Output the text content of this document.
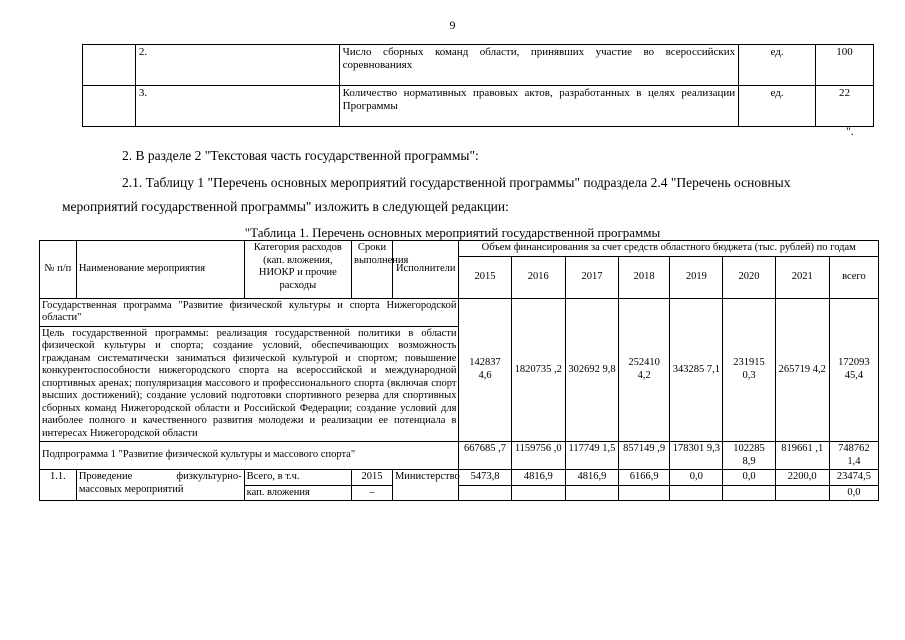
9
	2.	Число сборных команд области, принявших участие во всероссийских соревнованиях	ед.	100
	3.	Количество нормативных правовых актов, разработанных в целях реализации Программы	ед.	22
".
2. В разделе 2 "Текстовая часть государственной программы":
2.1. Таблицу 1 "Перечень основных мероприятий государственной программы" подраздела 2.4 "Перечень основных
мероприятий государственной программы" изложить в следующей редакции:
"Таблица 1. Перечень основных мероприятий государственной программы
№ п/п	Наименование мероприятия	Категория расходов (кап. вложения, НИОКР и прочие расходы	Сроки выполнения	Исполнители	Объем финансирования за счет средств областного бюджета (тыс. рублей) по годам							
					2015	2016	2017	2018	2019	2020	2021	всего
Государственная программа "Развитие физической культуры и спорта Нижегородской области"					142837 4,6	1820735 ,2	302692 9,8	252410 4,2	343285 7,1	231915 0,3	265719 4,2	172093 45,4
Цель государственной программы: реализация государственной политики в области физической культуры и спорта; создание условий, обеспечивающих возможность гражданам систематически заниматься физической культурой и спортом; повышение конкурентоспособности нижегородского спорта на всероссийской и международной спортивных аренах; популяризация массового и профессионального спорта (включая спорт высших достижений); создание условий подготовки спортивного резерва для спортивных сборных команд Нижегородской области и Российской Федерации; создание условий для наиболее полного и качественного развития молодежи и реализации ее потенциала в интересах Нижегородской области												
Подпрограмма 1 "Развитие физической культуры и массового спорта"					667685 ,7	1159756 ,0	117749 1,5	857149 ,9	178301 9,3	102285 8,9	819661 ,1	748762 1,4
1.1.	Проведение физкультурно-массовых мероприятий	Всего, в т.ч.	2015	Министерство	5473,8	4816,9	4816,9	6166,9	0,0	0,0	2200,0	23474,5
		кап. вложения	–									0,0
